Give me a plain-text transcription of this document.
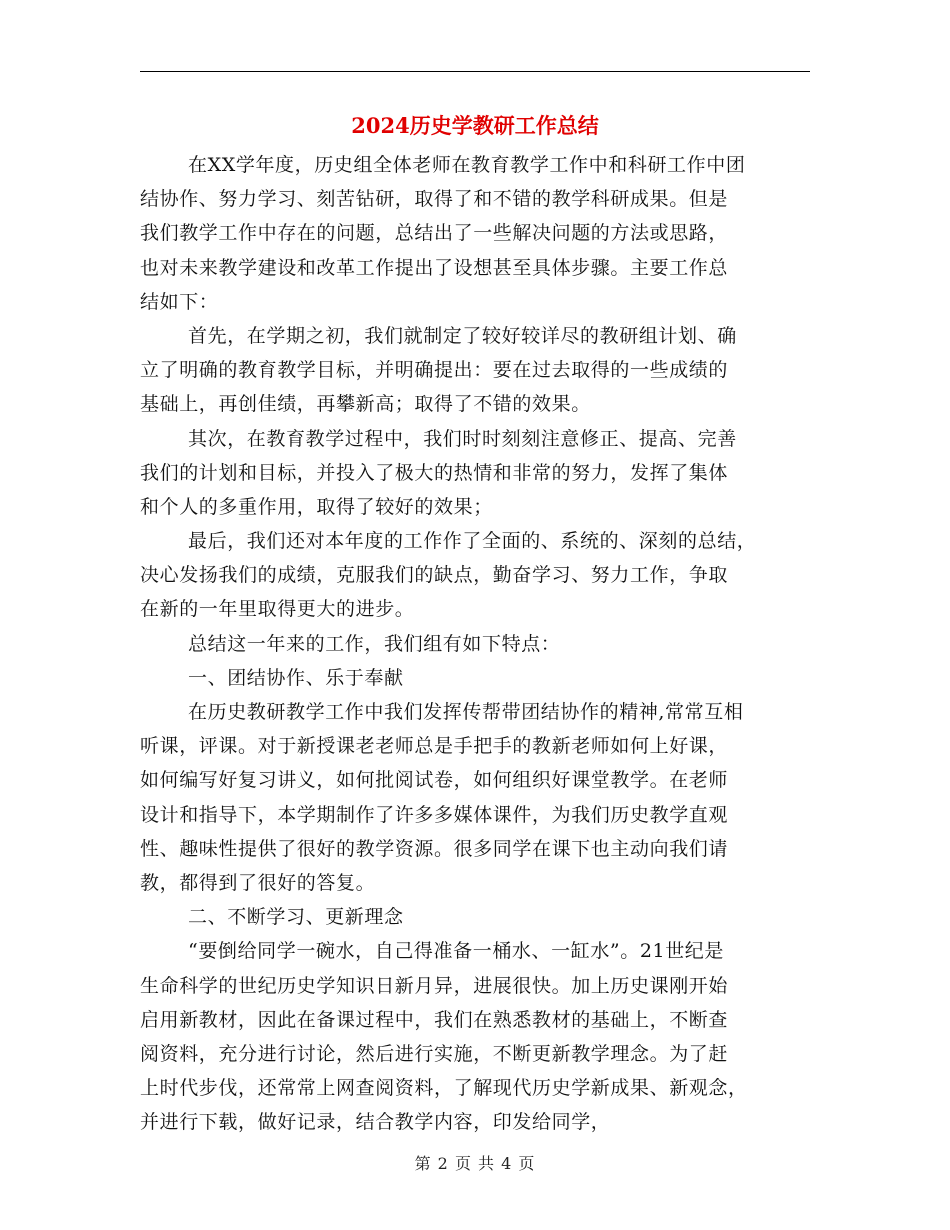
2024历史学教研工作总结
在XX学年度，历史组全体老师在教育教学工作中和科研工作中团
结协作、努力学习、刻苦钻研，取得了和不错的教学科研成果。但是
我们教学工作中存在的问题，总结出了一些解决问题的方法或思路，
也对未来教学建设和改革工作提出了设想甚至具体步骤。主要工作总
结如下：
首先，在学期之初，我们就制定了较好较详尽的教研组计划、确
立了明确的教育教学目标，并明确提出：要在过去取得的一些成绩的
基础上，再创佳绩，再攀新高；取得了不错的效果。
其次，在教育教学过程中，我们时时刻刻注意修正、提高、完善
我们的计划和目标，并投入了极大的热情和非常的努力，发挥了集体
和个人的多重作用，取得了较好的效果；
最后，我们还对本年度的工作作了全面的、系统的、深刻的总结，
决心发扬我们的成绩，克服我们的缺点，勤奋学习、努力工作，争取
在新的一年里取得更大的进步。
总结这一年来的工作，我们组有如下特点：
一、团结协作、乐于奉献
在历史教研教学工作中我们发挥传帮带团结协作的精神,常常互相
听课，评课。对于新授课老老师总是手把手的教新老师如何上好课，
如何编写好复习讲义，如何批阅试卷，如何组织好课堂教学。在老师
设计和指导下，本学期制作了许多多媒体课件，为我们历史教学直观
性、趣味性提供了很好的教学资源。很多同学在课下也主动向我们请
教，都得到了很好的答复。
二、不断学习、更新理念
“要倒给同学一碗水，自己得准备一桶水、一缸水”。21世纪是
生命科学的世纪历史学知识日新月异，进展很快。加上历史课刚开始
启用新教材，因此在备课过程中，我们在熟悉教材的基础上，不断查
阅资料，充分进行讨论，然后进行实施，不断更新教学理念。为了赶
上时代步伐，还常常上网查阅资料，了解现代历史学新成果、新观念，
并进行下载，做好记录，结合教学内容，印发给同学，
第 2 页 共 4 页
